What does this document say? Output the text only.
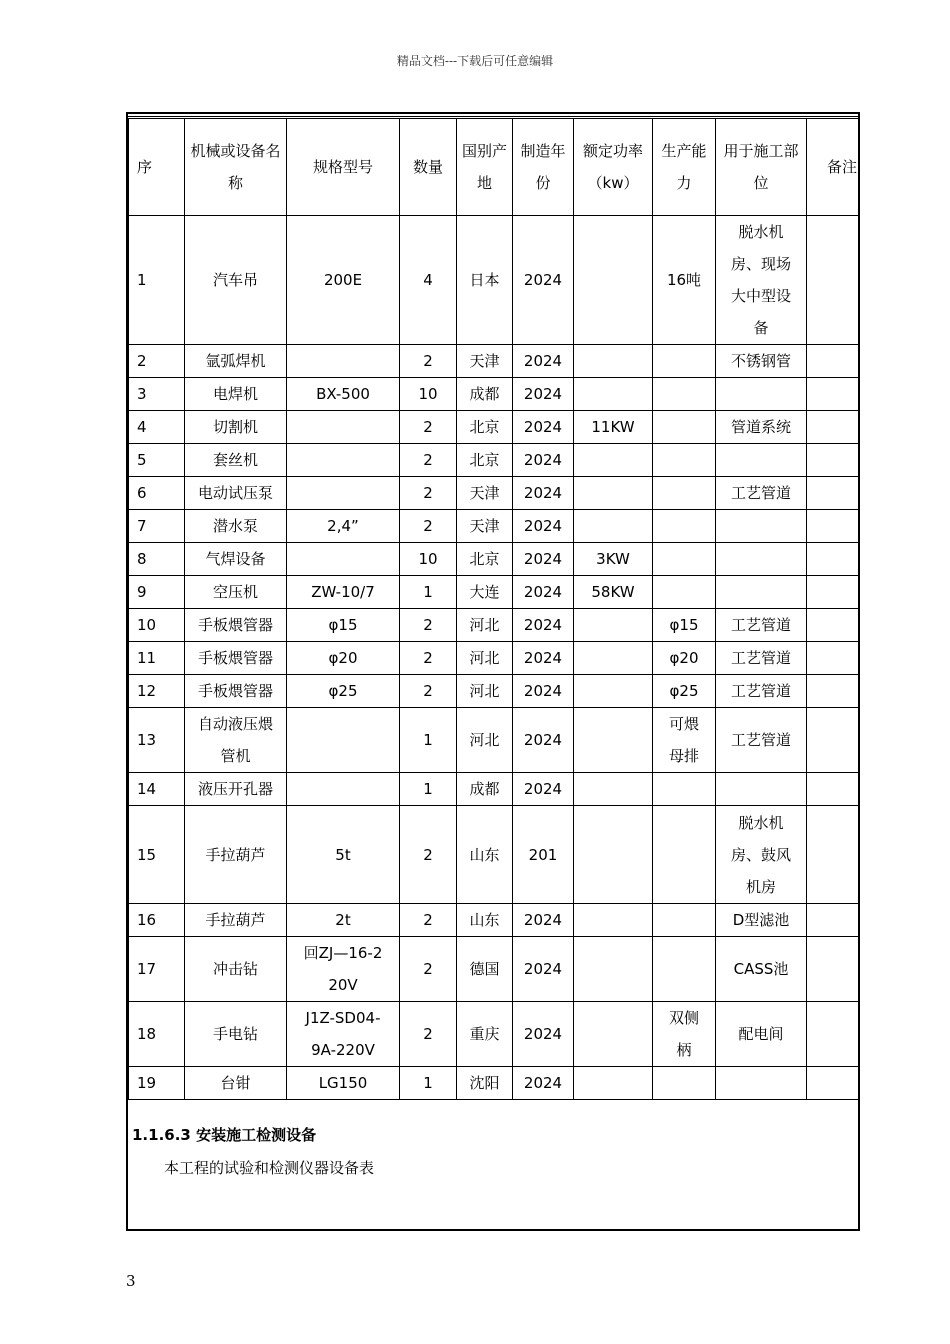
精品文档---下载后可任意编辑
序	机械或设备名称	规格型号	数量	国别产地	制造年份	额定功率（kw）	生产能力	用于施工部位	备注
1	汽车吊	200E	4	日本	2024		16吨	脱水机房、现场大中型设备	
2	氩弧焊机		2	天津	2024			不锈钢管	
3	电焊机	BX-500	10	成都	2024				
4	切割机		2	北京	2024	11KW		管道系统	
5	套丝机		2	北京	2024				
6	电动试压泵		2	天津	2024			工艺管道	
7	潜水泵	2,4”	2	天津	2024				
8	气焊设备		10	北京	2024	3KW			
9	空压机	ZW-10/7	1	大连	2024	58KW			
10	手板煨管器	φ15	2	河北	2024		φ15	工艺管道	
11	手板煨管器	φ20	2	河北	2024		φ20	工艺管道	
12	手板煨管器	φ25	2	河北	2024		φ25	工艺管道	
13	自动液压煨管机		1	河北	2024		可煨母排	工艺管道	
14	液压开孔器		1	成都	2024				
15	手拉葫芦	5t	2	山东	201			脱水机房、鼓风机房	
16	手拉葫芦	2t	2	山东	2024			D型滤池	
17	冲击钻	回ZJ—16-220V	2	德国	2024			CASS池	
18	手电钻	J1Z-SD04-9A-220V	2	重庆	2024		双侧柄	配电间	
19	台钳	LG150	1	沈阳	2024				
1.1.6.3 安装施工检测设备
本工程的试验和检测仪器设备表
3
